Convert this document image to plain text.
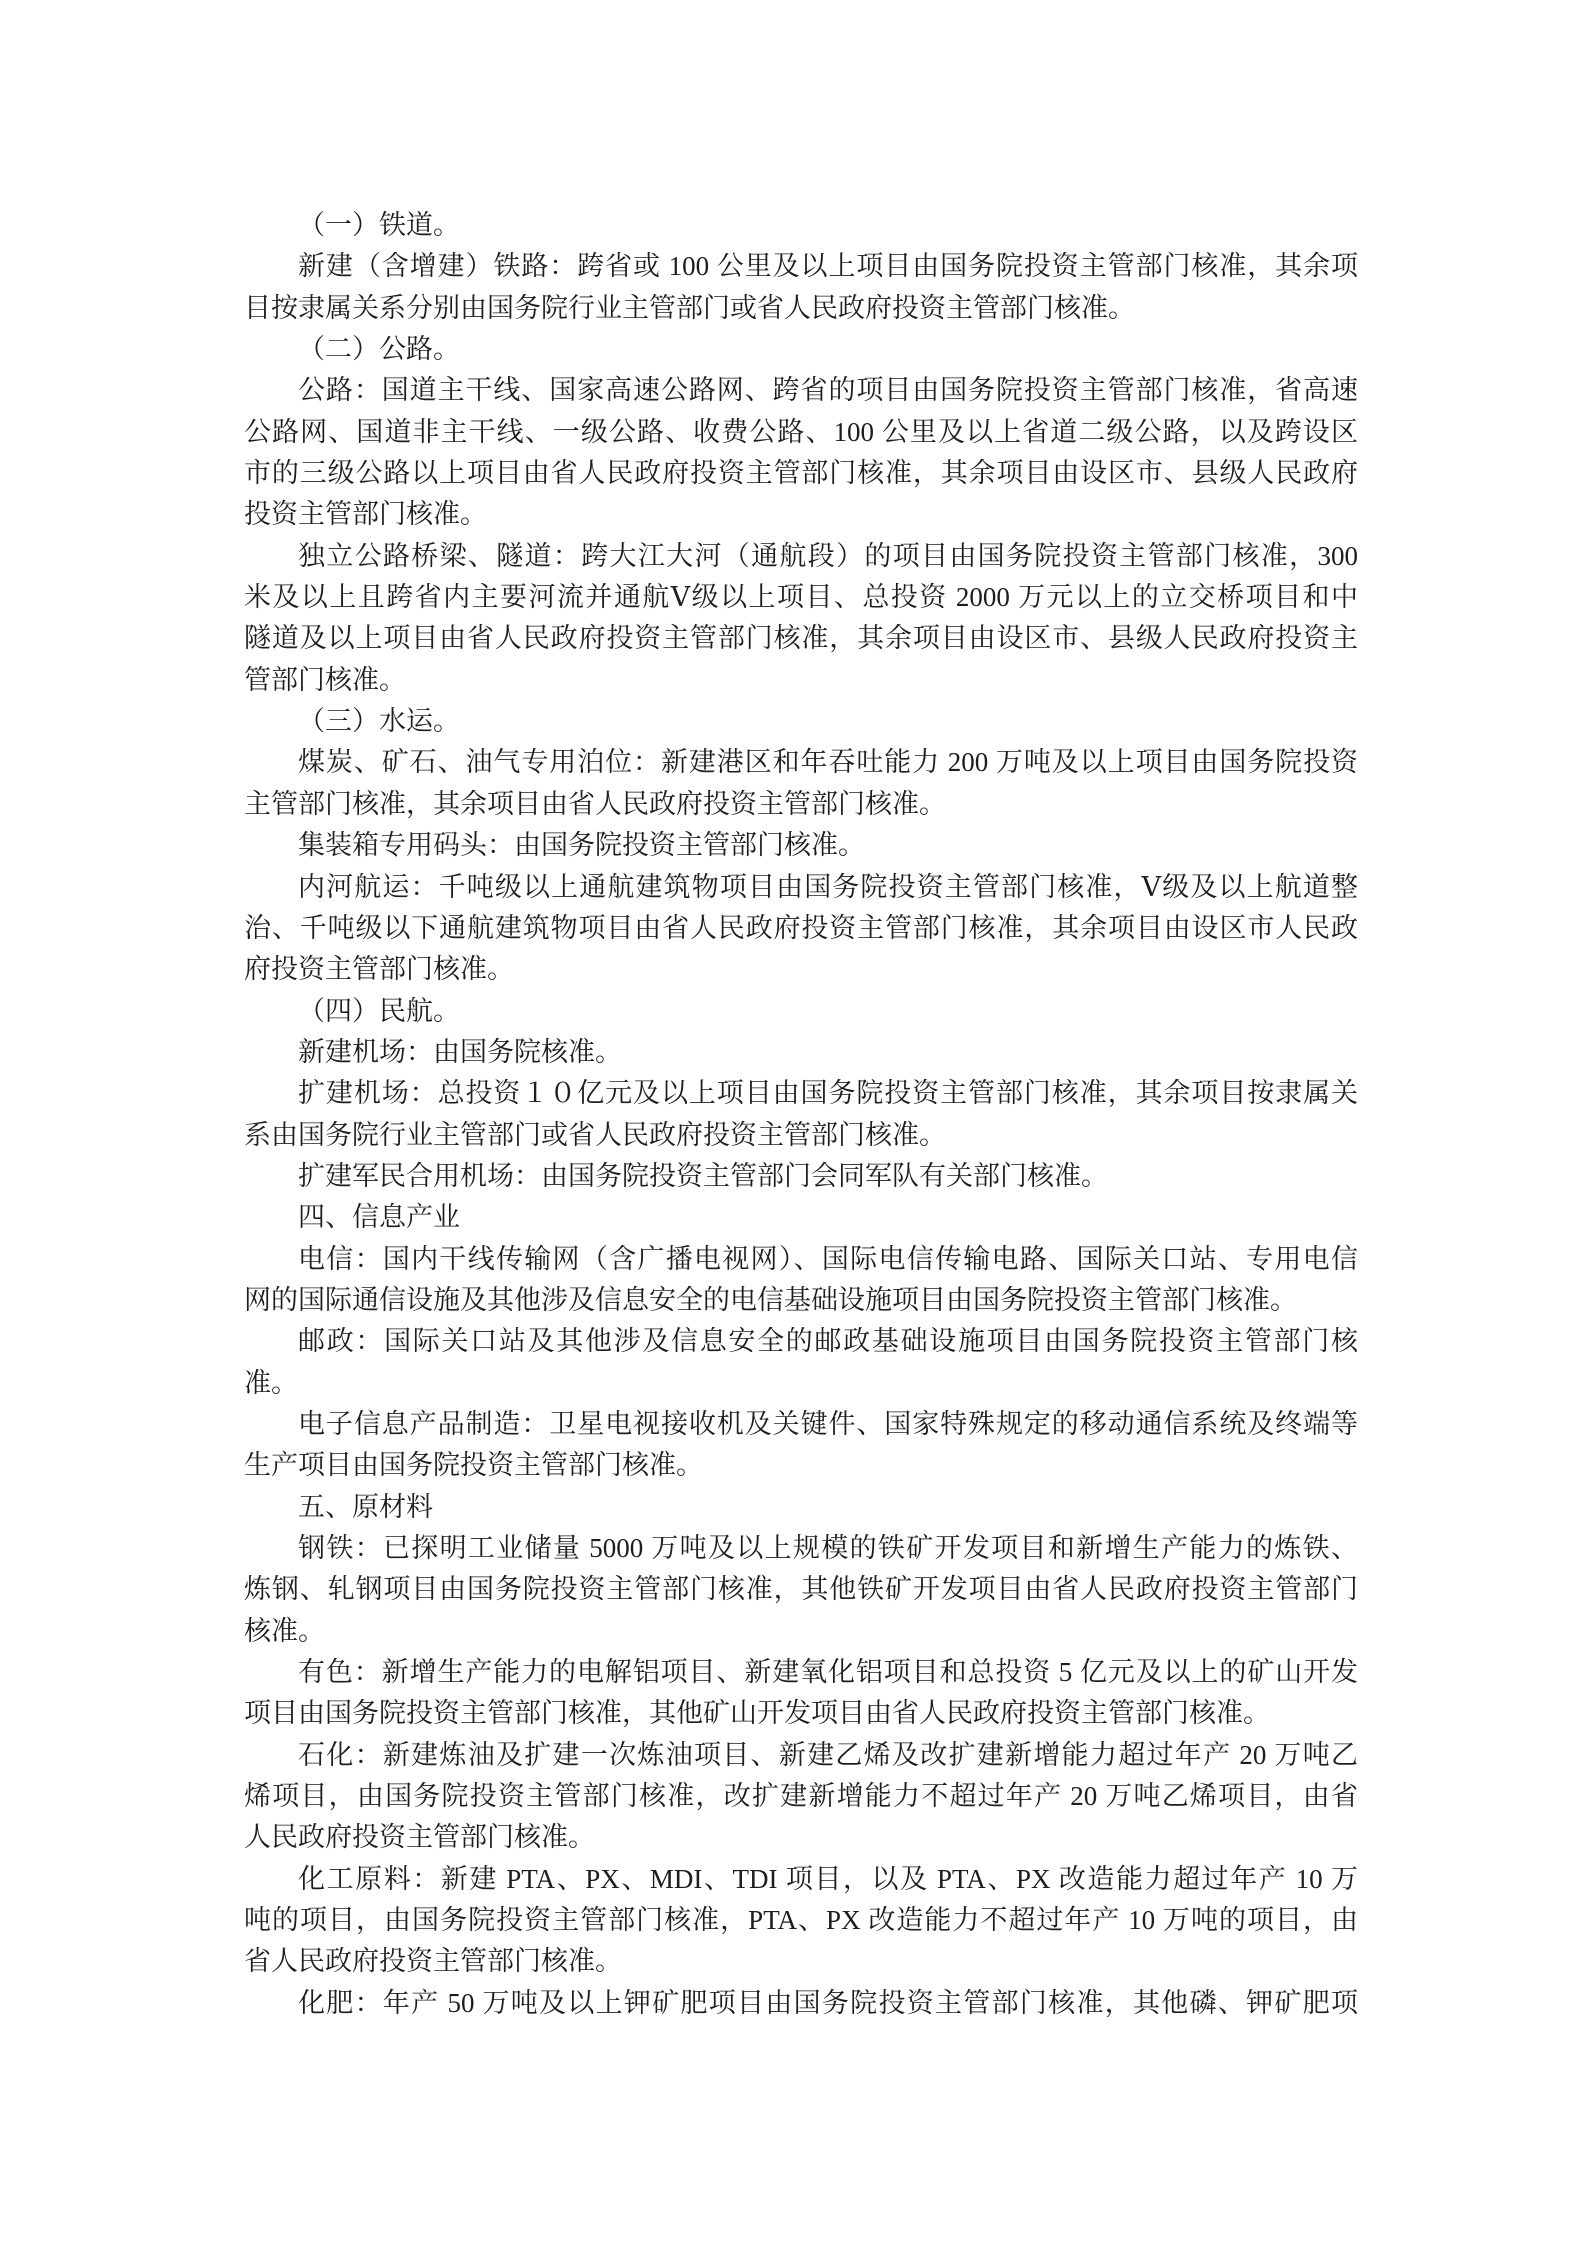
（一）铁道。
新建（含增建）铁路：跨省或 100 公里及以上项目由国务院投资主管部门核准，其余项
目按隶属关系分别由国务院行业主管部门或省人民政府投资主管部门核准。
（二）公路。
公路：国道主干线、国家高速公路网、跨省的项目由国务院投资主管部门核准，省高速
公路网、国道非主干线、一级公路、收费公路、100 公里及以上省道二级公路，以及跨设区
市的三级公路以上项目由省人民政府投资主管部门核准，其余项目由设区市、县级人民政府
投资主管部门核准。
独立公路桥梁、隧道：跨大江大河（通航段）的项目由国务院投资主管部门核准，300
米及以上且跨省内主要河流并通航Ⅴ级以上项目、总投资 2000 万元以上的立交桥项目和中
隧道及以上项目由省人民政府投资主管部门核准，其余项目由设区市、县级人民政府投资主
管部门核准。
（三）水运。
煤炭、矿石、油气专用泊位：新建港区和年吞吐能力 200 万吨及以上项目由国务院投资
主管部门核准，其余项目由省人民政府投资主管部门核准。
集装箱专用码头：由国务院投资主管部门核准。
内河航运：千吨级以上通航建筑物项目由国务院投资主管部门核准，Ⅴ级及以上航道整
治、千吨级以下通航建筑物项目由省人民政府投资主管部门核准，其余项目由设区市人民政
府投资主管部门核准。
（四）民航。
新建机场：由国务院核准。
扩建机场：总投资１０亿元及以上项目由国务院投资主管部门核准，其余项目按隶属关
系由国务院行业主管部门或省人民政府投资主管部门核准。
扩建军民合用机场：由国务院投资主管部门会同军队有关部门核准。
四、信息产业
电信：国内干线传输网（含广播电视网）、国际电信传输电路、国际关口站、专用电信
网的国际通信设施及其他涉及信息安全的电信基础设施项目由国务院投资主管部门核准。
邮政：国际关口站及其他涉及信息安全的邮政基础设施项目由国务院投资主管部门核
准。
电子信息产品制造：卫星电视接收机及关键件、国家特殊规定的移动通信系统及终端等
生产项目由国务院投资主管部门核准。
五、原材料
钢铁：已探明工业储量 5000 万吨及以上规模的铁矿开发项目和新增生产能力的炼铁、
炼钢、轧钢项目由国务院投资主管部门核准，其他铁矿开发项目由省人民政府投资主管部门
核准。
有色：新增生产能力的电解铝项目、新建氧化铝项目和总投资 5 亿元及以上的矿山开发
项目由国务院投资主管部门核准，其他矿山开发项目由省人民政府投资主管部门核准。
石化：新建炼油及扩建一次炼油项目、新建乙烯及改扩建新增能力超过年产 20 万吨乙
烯项目，由国务院投资主管部门核准，改扩建新增能力不超过年产 20 万吨乙烯项目，由省
人民政府投资主管部门核准。
化工原料：新建 PTA、PX、MDI、TDI 项目，以及 PTA、PX 改造能力超过年产 10 万
吨的项目，由国务院投资主管部门核准，PTA、PX 改造能力不超过年产 10 万吨的项目，由
省人民政府投资主管部门核准。
化肥：年产 50 万吨及以上钾矿肥项目由国务院投资主管部门核准，其他磷、钾矿肥项
